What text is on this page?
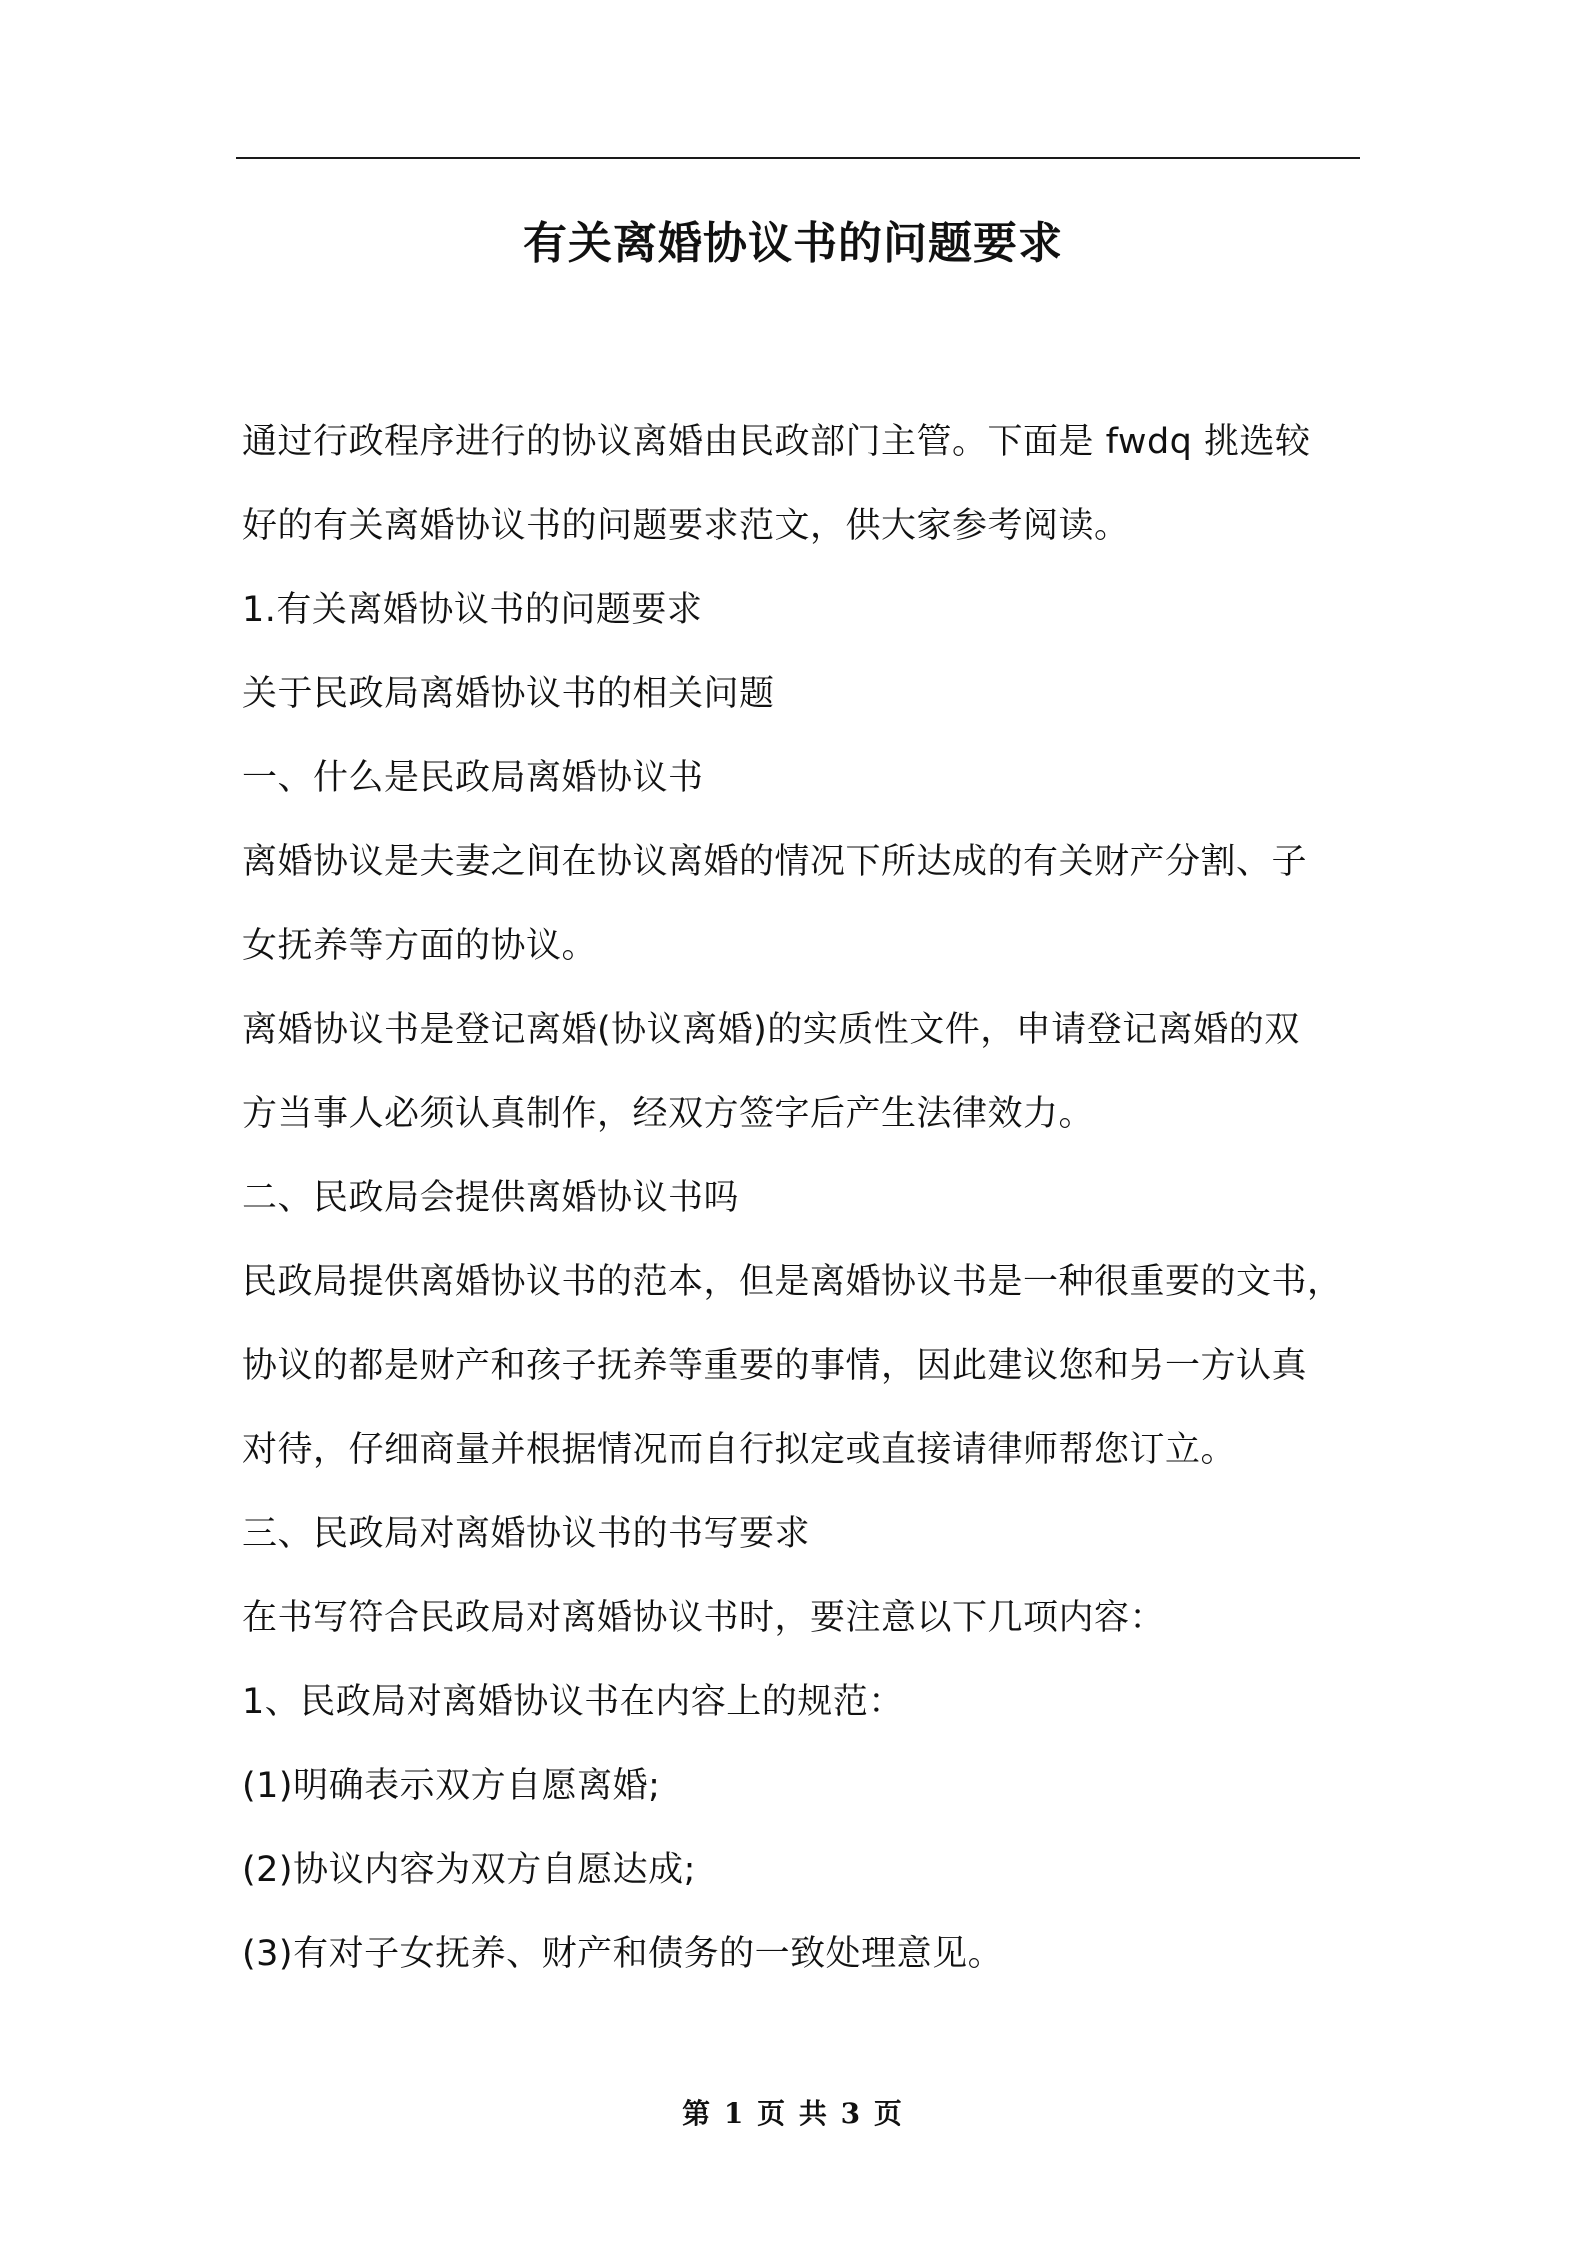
有关离婚协议书的问题要求
通过行政程序进行的协议离婚由民政部门主管。下面是 fwdq 挑选较
好的有关离婚协议书的问题要求范文，供大家参考阅读。
1.有关离婚协议书的问题要求
关于民政局离婚协议书的相关问题
一、什么是民政局离婚协议书
离婚协议是夫妻之间在协议离婚的情况下所达成的有关财产分割、子
女抚养等方面的协议。
离婚协议书是登记离婚(协议离婚)的实质性文件，申请登记离婚的双
方当事人必须认真制作，经双方签字后产生法律效力。
二、民政局会提供离婚协议书吗
民政局提供离婚协议书的范本，但是离婚协议书是一种很重要的文书，
协议的都是财产和孩子抚养等重要的事情，因此建议您和另一方认真
对待，仔细商量并根据情况而自行拟定或直接请律师帮您订立。
三、民政局对离婚协议书的书写要求
在书写符合民政局对离婚协议书时，要注意以下几项内容：
1、民政局对离婚协议书在内容上的规范：
(1)明确表示双方自愿离婚;
(2)协议内容为双方自愿达成;
(3)有对子女抚养、财产和债务的一致处理意见。
第 1 页 共 3 页
